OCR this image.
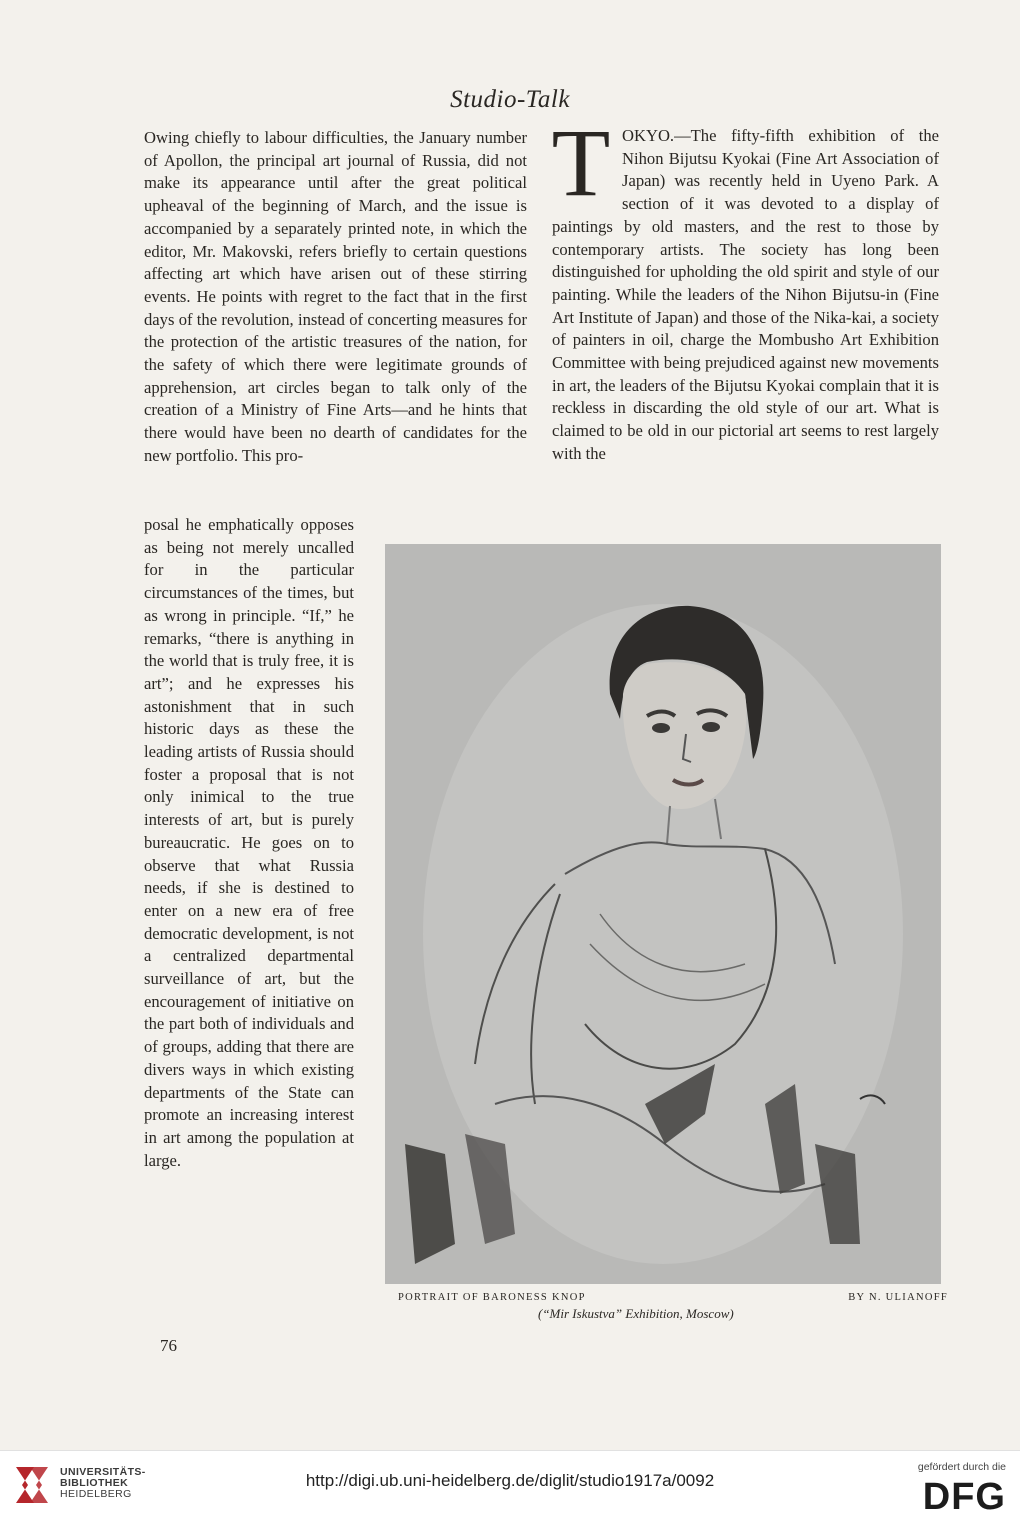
Studio-Talk

Owing chiefly to labour difficulties, the January number of Apollon, the principal art journal of Russia, did not make its appearance until after the great political upheaval of the beginning of March, and the issue is accompanied by a separately printed note, in which the editor, Mr. Makovski, refers briefly to certain questions affecting art which have arisen out of these stirring events. He points with regret to the fact that in the first days of the revolution, instead of concerting measures for the protection of the artistic treasures of the nation, for the safety of which there were legitimate grounds of apprehension, art circles began to talk only of the creation of a Ministry of Fine Arts—and he hints that there would have been no dearth of candidates for the new portfolio. This pro-

posal he emphatically opposes as being not merely uncalled for in the particular circumstances of the times, but as wrong in principle. “If,” he remarks, “there is anything in the world that is truly free, it is art”; and he expresses his astonishment that in such historic days as these the leading artists of Russia should foster a proposal that is not only inimical to the true interests of art, but is purely bureaucratic. He goes on to observe that what Russia needs, if she is destined to enter on a new era of free democratic development, is not a centralized departmental surveillance of art, but the encouragement of initiative on the part both of individuals and of groups, adding that there are divers ways in which existing departments of the State can promote an increasing interest in art among the population at large.

TOKYO.—The fifty-fifth exhibition of the Nihon Bijutsu Kyokai (Fine Art Association of Japan) was recently held in Uyeno Park. A section of it was devoted to a display of paintings by old masters, and the rest to those by contemporary artists. The society has long been distinguished for upholding the old spirit and style of our painting. While the leaders of the Nihon Bijutsu-in (Fine Art Institute of Japan) and those of the Nika-kai, a society of painters in oil, charge the Mombusho Art Exhibition Committee with being prejudiced against new movements in art, the leaders of the Bijutsu Kyokai complain that it is reckless in discarding the old style of our art. What is claimed to be old in our pictorial art seems to rest largely with the

PORTRAIT OF BARONESS KNOP	BY N. ULIANOFF
(“Mir Iskustva” Exhibition, Moscow)
76
UNIVERSITÄTS-
BIBLIOTHEK
HEIDELBERG
http://digi.ub.uni-heidelberg.de/diglit/studio1917a/0092
gefördert durch die
DFG
